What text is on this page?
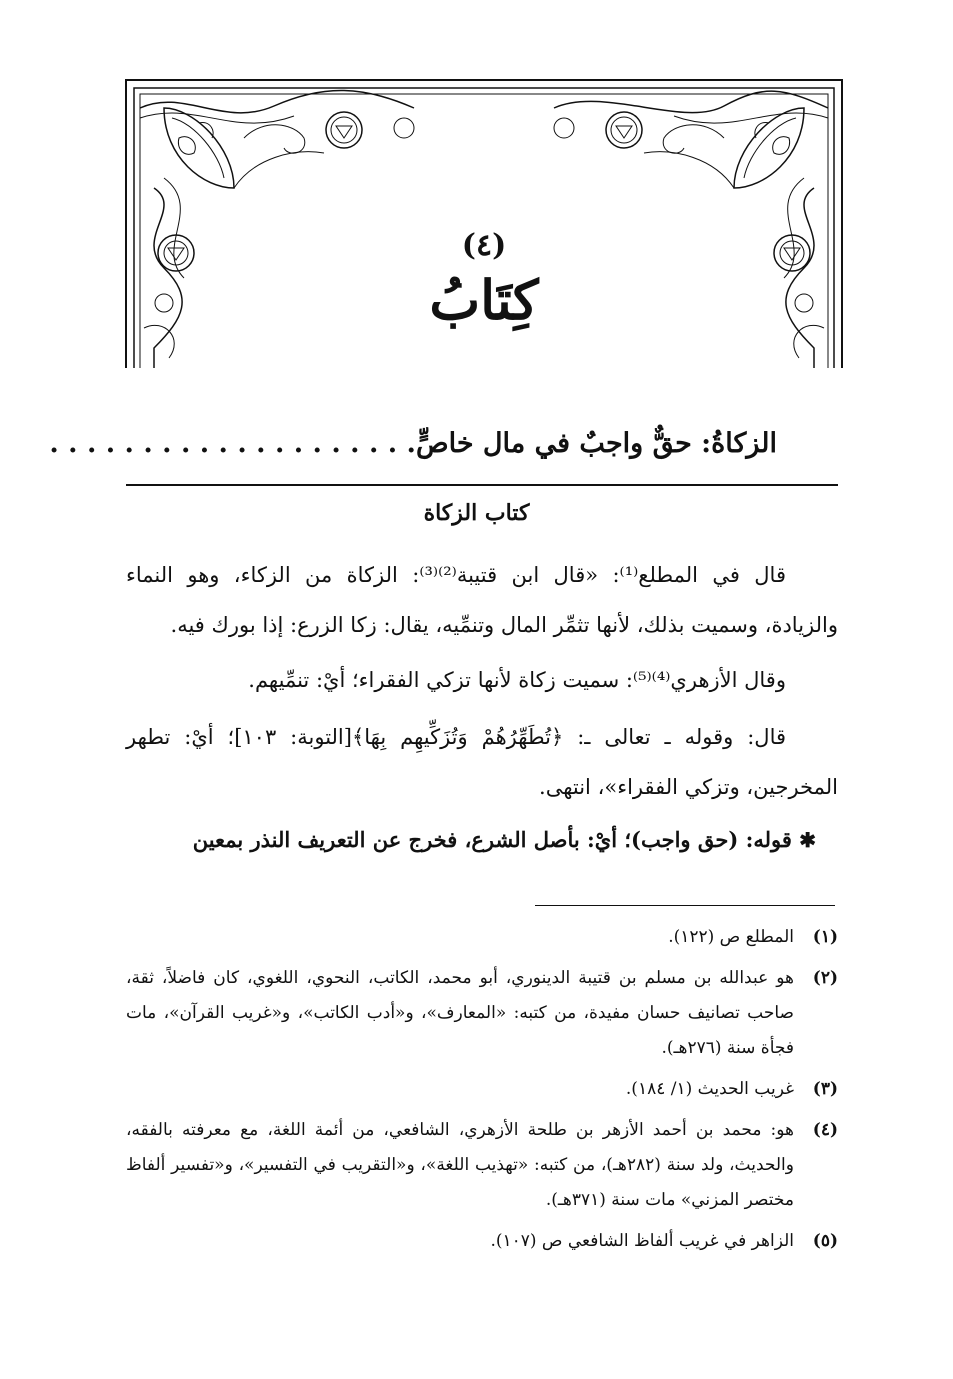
(٤)
كِتَابُ
الزكاةُ: حقٌّ واجبٌ في مال خاصٍّ. . . . . . . . . . . . . . . . . . . .
كتاب الزكاة
قال في المطلع⁽¹⁾: «قال ابن قتيبة⁽²⁾⁽³⁾: الزكاة من الزكاء، وهو النماء والزيادة، وسميت بذلك، لأنها تثمِّر المال وتنمِّيه، يقال: زكا الزرع: إذا بورك فيه.
وقال الأزهري⁽⁴⁾⁽⁵⁾: سميت زكاة لأنها تزكي الفقراء؛ أيْ: تنمِّيهم.
قال: وقوله ـ تعالى ـ: ﴿تُطَهِّرُهُمْ وَتُزَكِّيهِم بِهَا﴾[التوبة: ١٠٣]؛ أيْ: تطهر المخرجين، وتزكي الفقراء»، انتهى.
✱ قوله: (حق واجب)؛ أيْ: بأصل الشرع، فخرج عن التعريف النذر بمعين
(١)
المطلع ص (١٢٢).
(٢)
هو عبدالله بن مسلم بن قتيبة الدينوري، أبو محمد، الكاتب، النحوي، اللغوي، كان فاضلاً، ثقة، صاحب تصانيف حسان مفيدة، من كتبه: «المعارف»، و«أدب الكاتب»، و«غريب القرآن»، مات فجأة سنة (٢٧٦هـ).
(٣)
غريب الحديث (١/ ١٨٤).
(٤)
هو: محمد بن أحمد الأزهر بن طلحة الأزهري، الشافعي، من أئمة اللغة، مع معرفته بالفقه، والحديث، ولد سنة (٢٨٢هـ)، من كتبه: «تهذيب اللغة»، و«التقريب في التفسير»، و«تفسير ألفاظ مختصر المزني» مات سنة (٣٧١هـ).
(٥)
الزاهر في غريب ألفاظ الشافعي ص (١٠٧).
